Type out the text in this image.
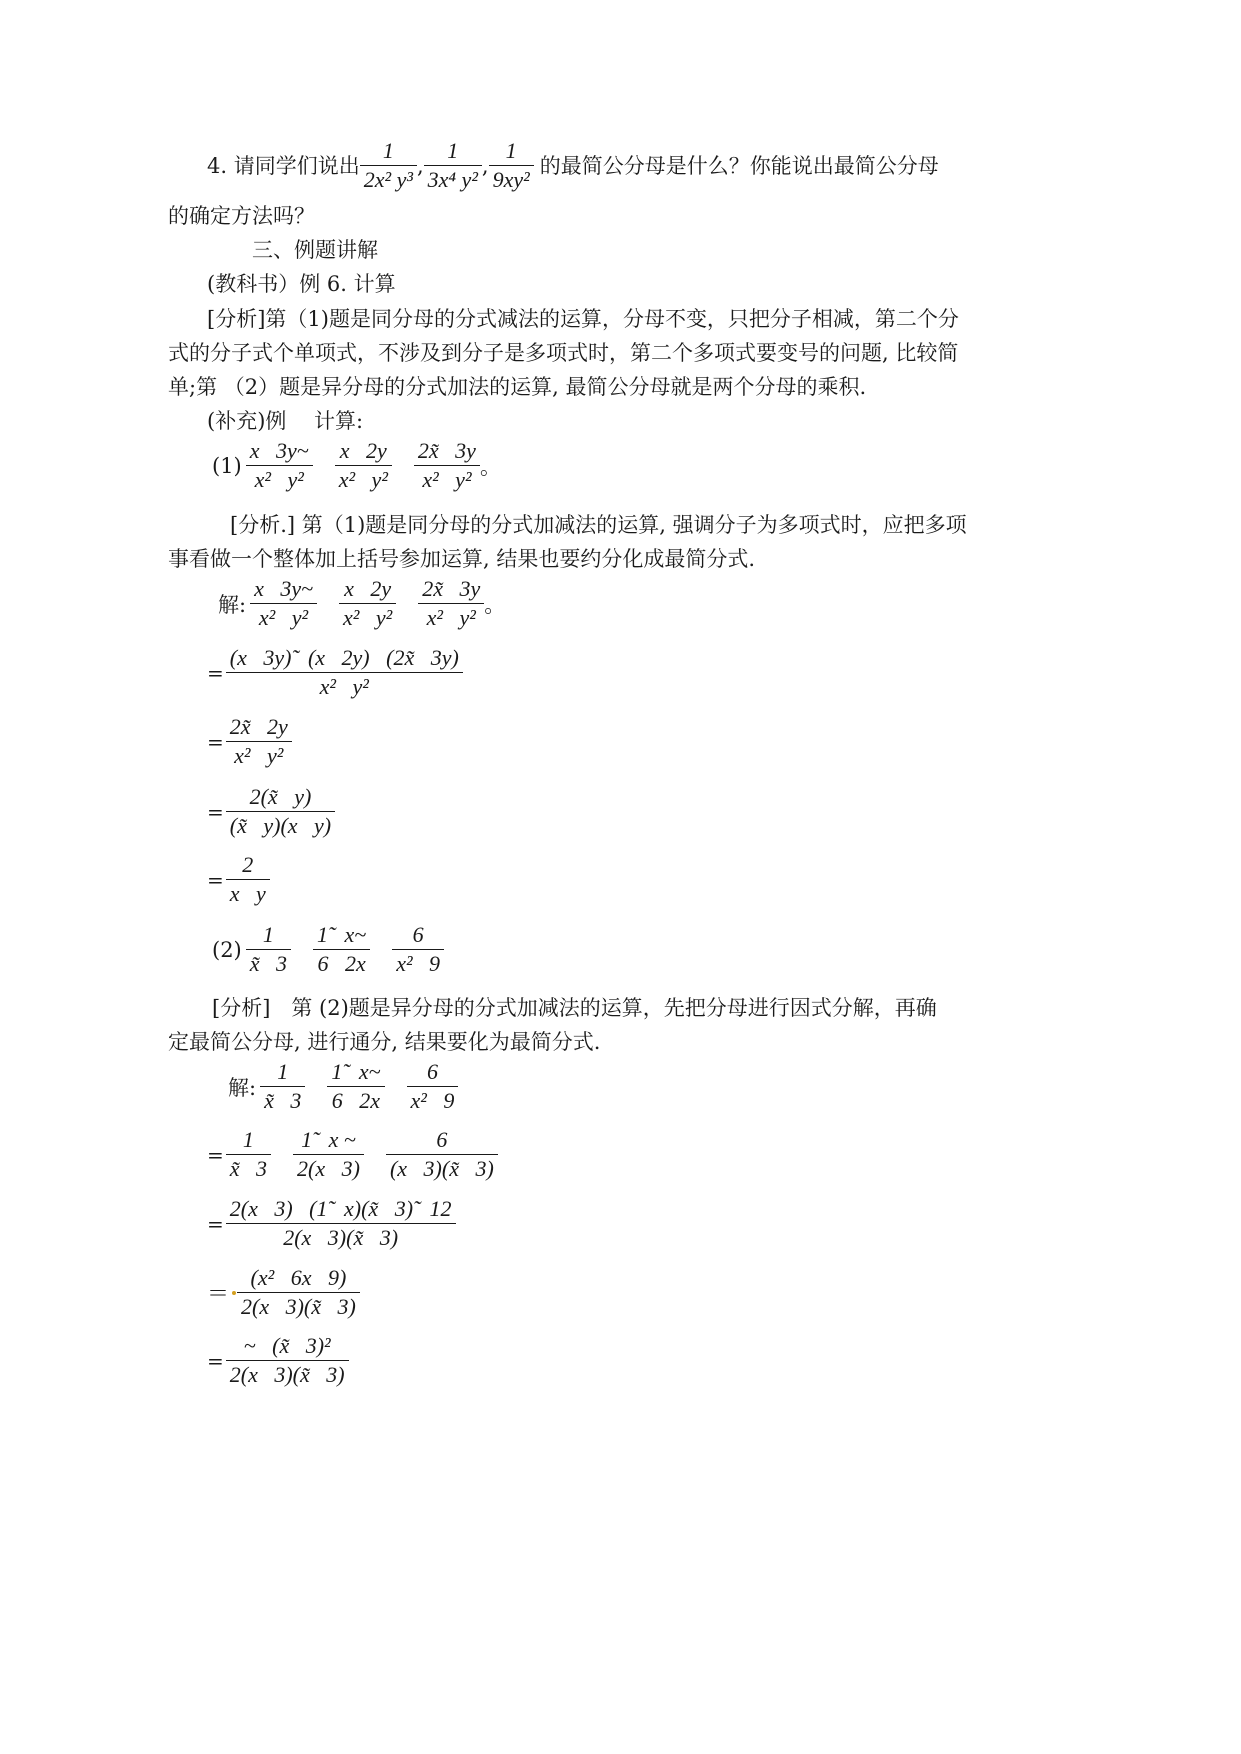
4. 请同学们说出 $\frac{1}{\text{2x² y³}}$ , $\frac{1}{\text{3x⁴ y²}}$ , $\frac{1}{\text{9xy²}}$ 的最简公分母是什么？你能说出最简公分母
的确定方法吗？
三、例题讲解
(教科书）例 6. 计算
[分析]第（1)题是同分母的分式减法的运算，分母不变，只把分子相减，第二个分
式的分子式个单项式，不涉及到分子是多项式时，第二个多项式要变号的问题, 比较简
单;第 （2）题是异分母的分式加法的运算, 最简公分母就是两个分母的乘积.
(补充)例　 计算:
$(1) \frac{x 3y\sim}{\text{x²   y²}} \frac{x 2y}{\text{x²   y²}} \frac{2x̃ 3y}{\text{x²   y²}}$ 。
[分析.] 第（1)题是同分母的分式加减法的运算, 强调分子为多项式时，应把多项
事看做一个整体加上括号参加运算, 结果也要约分化成最简分式.
解: $\frac{x 3y\sim}{\text{x²   y²}} \frac{x 2y}{\text{x²   y²}} \frac{2x̃ 3y}{\text{x²   y²}}$ 。
= $\frac{(x 3y)̃ (x 2y) (2x̃ 3y)}{\text{x²   y²}}$
= $\frac{2x̃ 2y}{\text{x²   y²}}$
= $\frac{2(x̃ y)}{\text{(x̃   y)(x   y)}}$
= $\frac{2}{\text{x   y}}$
$(2) \frac{1}{x̃ 3} \frac{1̃ x\sim}{6 2x} \frac{6}{\text{x²   9}}$
[分析]　第 (2)题是异分母的分式加减法的运算，先把分母进行因式分解，再确
定最简公分母, 进行通分, 结果要化为最简分式.
解: $\frac{1}{x̃ 3} \frac{1̃ x\sim}{6 2x} \frac{6}{\text{x²   9}}$
= $\frac{1}{x̃ 3} \frac{1̃ x \sim}{2(x 3)} \frac{6}{(x 3)(x̃ 3)}$
= $\frac{2(x 3) (1̃ x)(x̃ 3)̃ 12}{2(x 3)(x̃ 3)}$
＝ $\frac{\text{(x²   6x   9)}}{2(x 3)(x̃ 3)}$
= $\frac{\text{\textasciitilde{}   (x̃   3)²}}{2(x 3)(x̃ 3)}$
